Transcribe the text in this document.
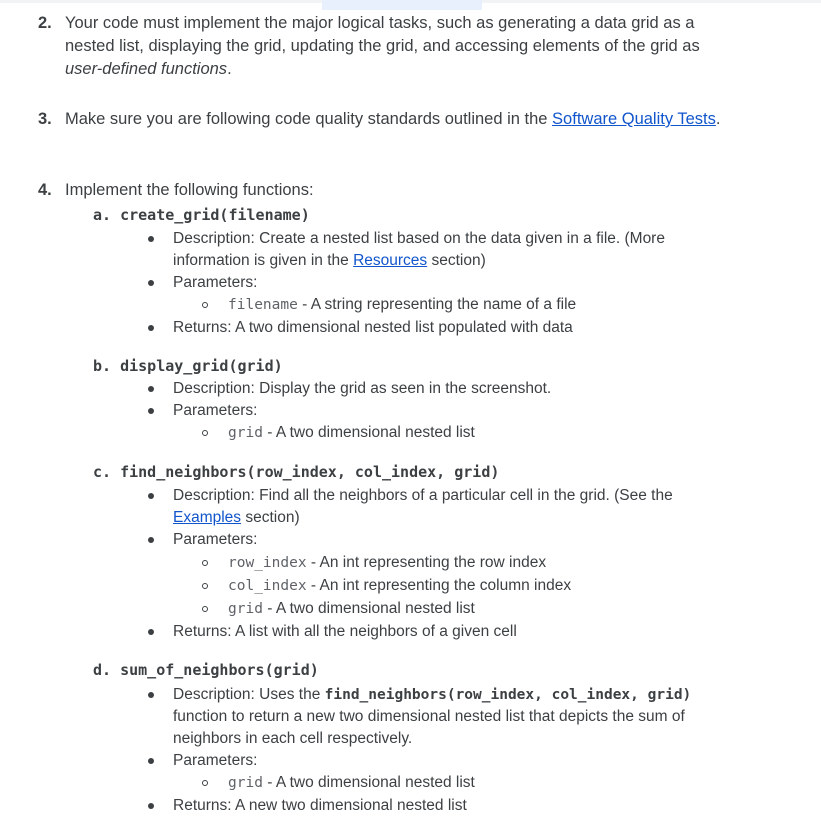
2. Your code must implement the major logical tasks, such as generating a data grid as a nested list, displaying the grid, updating the grid, and accessing elements of the grid as user-defined functions.
3. Make sure you are following code quality standards outlined in the Software Quality Tests.
4. Implement the following functions:
a. create_grid(filename)
Description: Create a nested list based on the data given in a file. (More information is given in the Resources section)
Parameters:
filename - A string representing the name of a file
Returns: A two dimensional nested list populated with data
b. display_grid(grid)
Description: Display the grid as seen in the screenshot.
Parameters:
grid - A two dimensional nested list
c. find_neighbors(row_index, col_index, grid)
Description: Find all the neighbors of a particular cell in the grid. (See the Examples section)
Parameters:
row_index - An int representing the row index
col_index - An int representing the column index
grid - A two dimensional nested list
Returns: A list with all the neighbors of a given cell
d. sum_of_neighbors(grid)
Description: Uses the find_neighbors(row_index, col_index, grid) function to return a new two dimensional nested list that depicts the sum of neighbors in each cell respectively.
Parameters:
grid - A two dimensional nested list
Returns: A new two dimensional nested list
